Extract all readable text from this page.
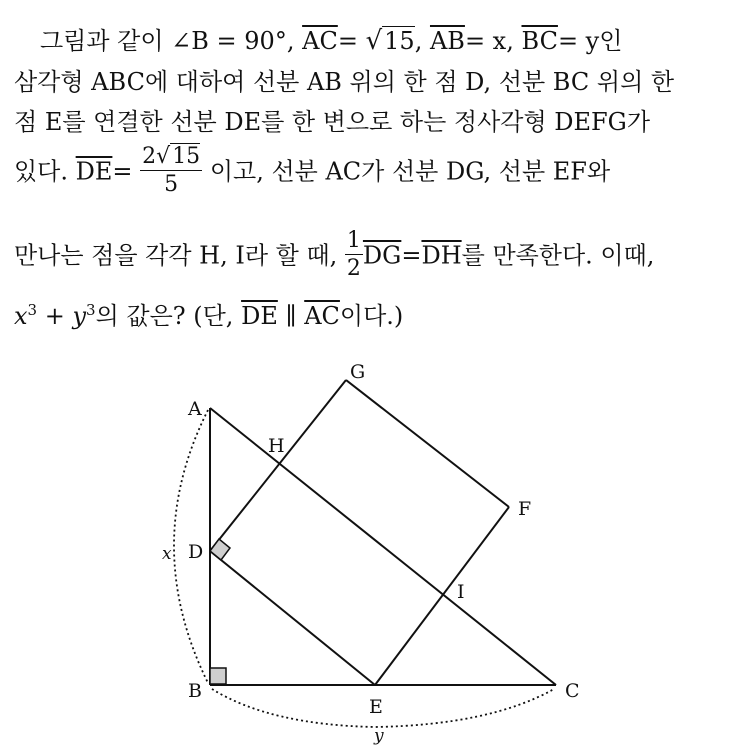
그림과 같이 ∠B = 90°, $\overline{AC}= √15$, $\overline{AB}= x$, $\overline{BC}= y$인
삼각형 ABC에 대하여 선분 AB 위의 한 점 D, 선분 BC 위의 한
점 E를 연결한 선분 DE를 한 변으로 하는 정사각형 DEFG가
있다. $\overline{DE}= \frac{2√15}{5}$ 이고, 선분 AC가 선분 DG, 선분 EF와
만나는 점을 각각 H, I라 할 때, $\frac{1}{2} \overline{DG}=\overline{DH}$를 만족한다. 이때,
$x^3 + y^3$의 값은? (단, $\overline{DE}$ ∥ $\overline{AC}$이다.)
A
B	C
D
E
F
G
H
I
x
y
